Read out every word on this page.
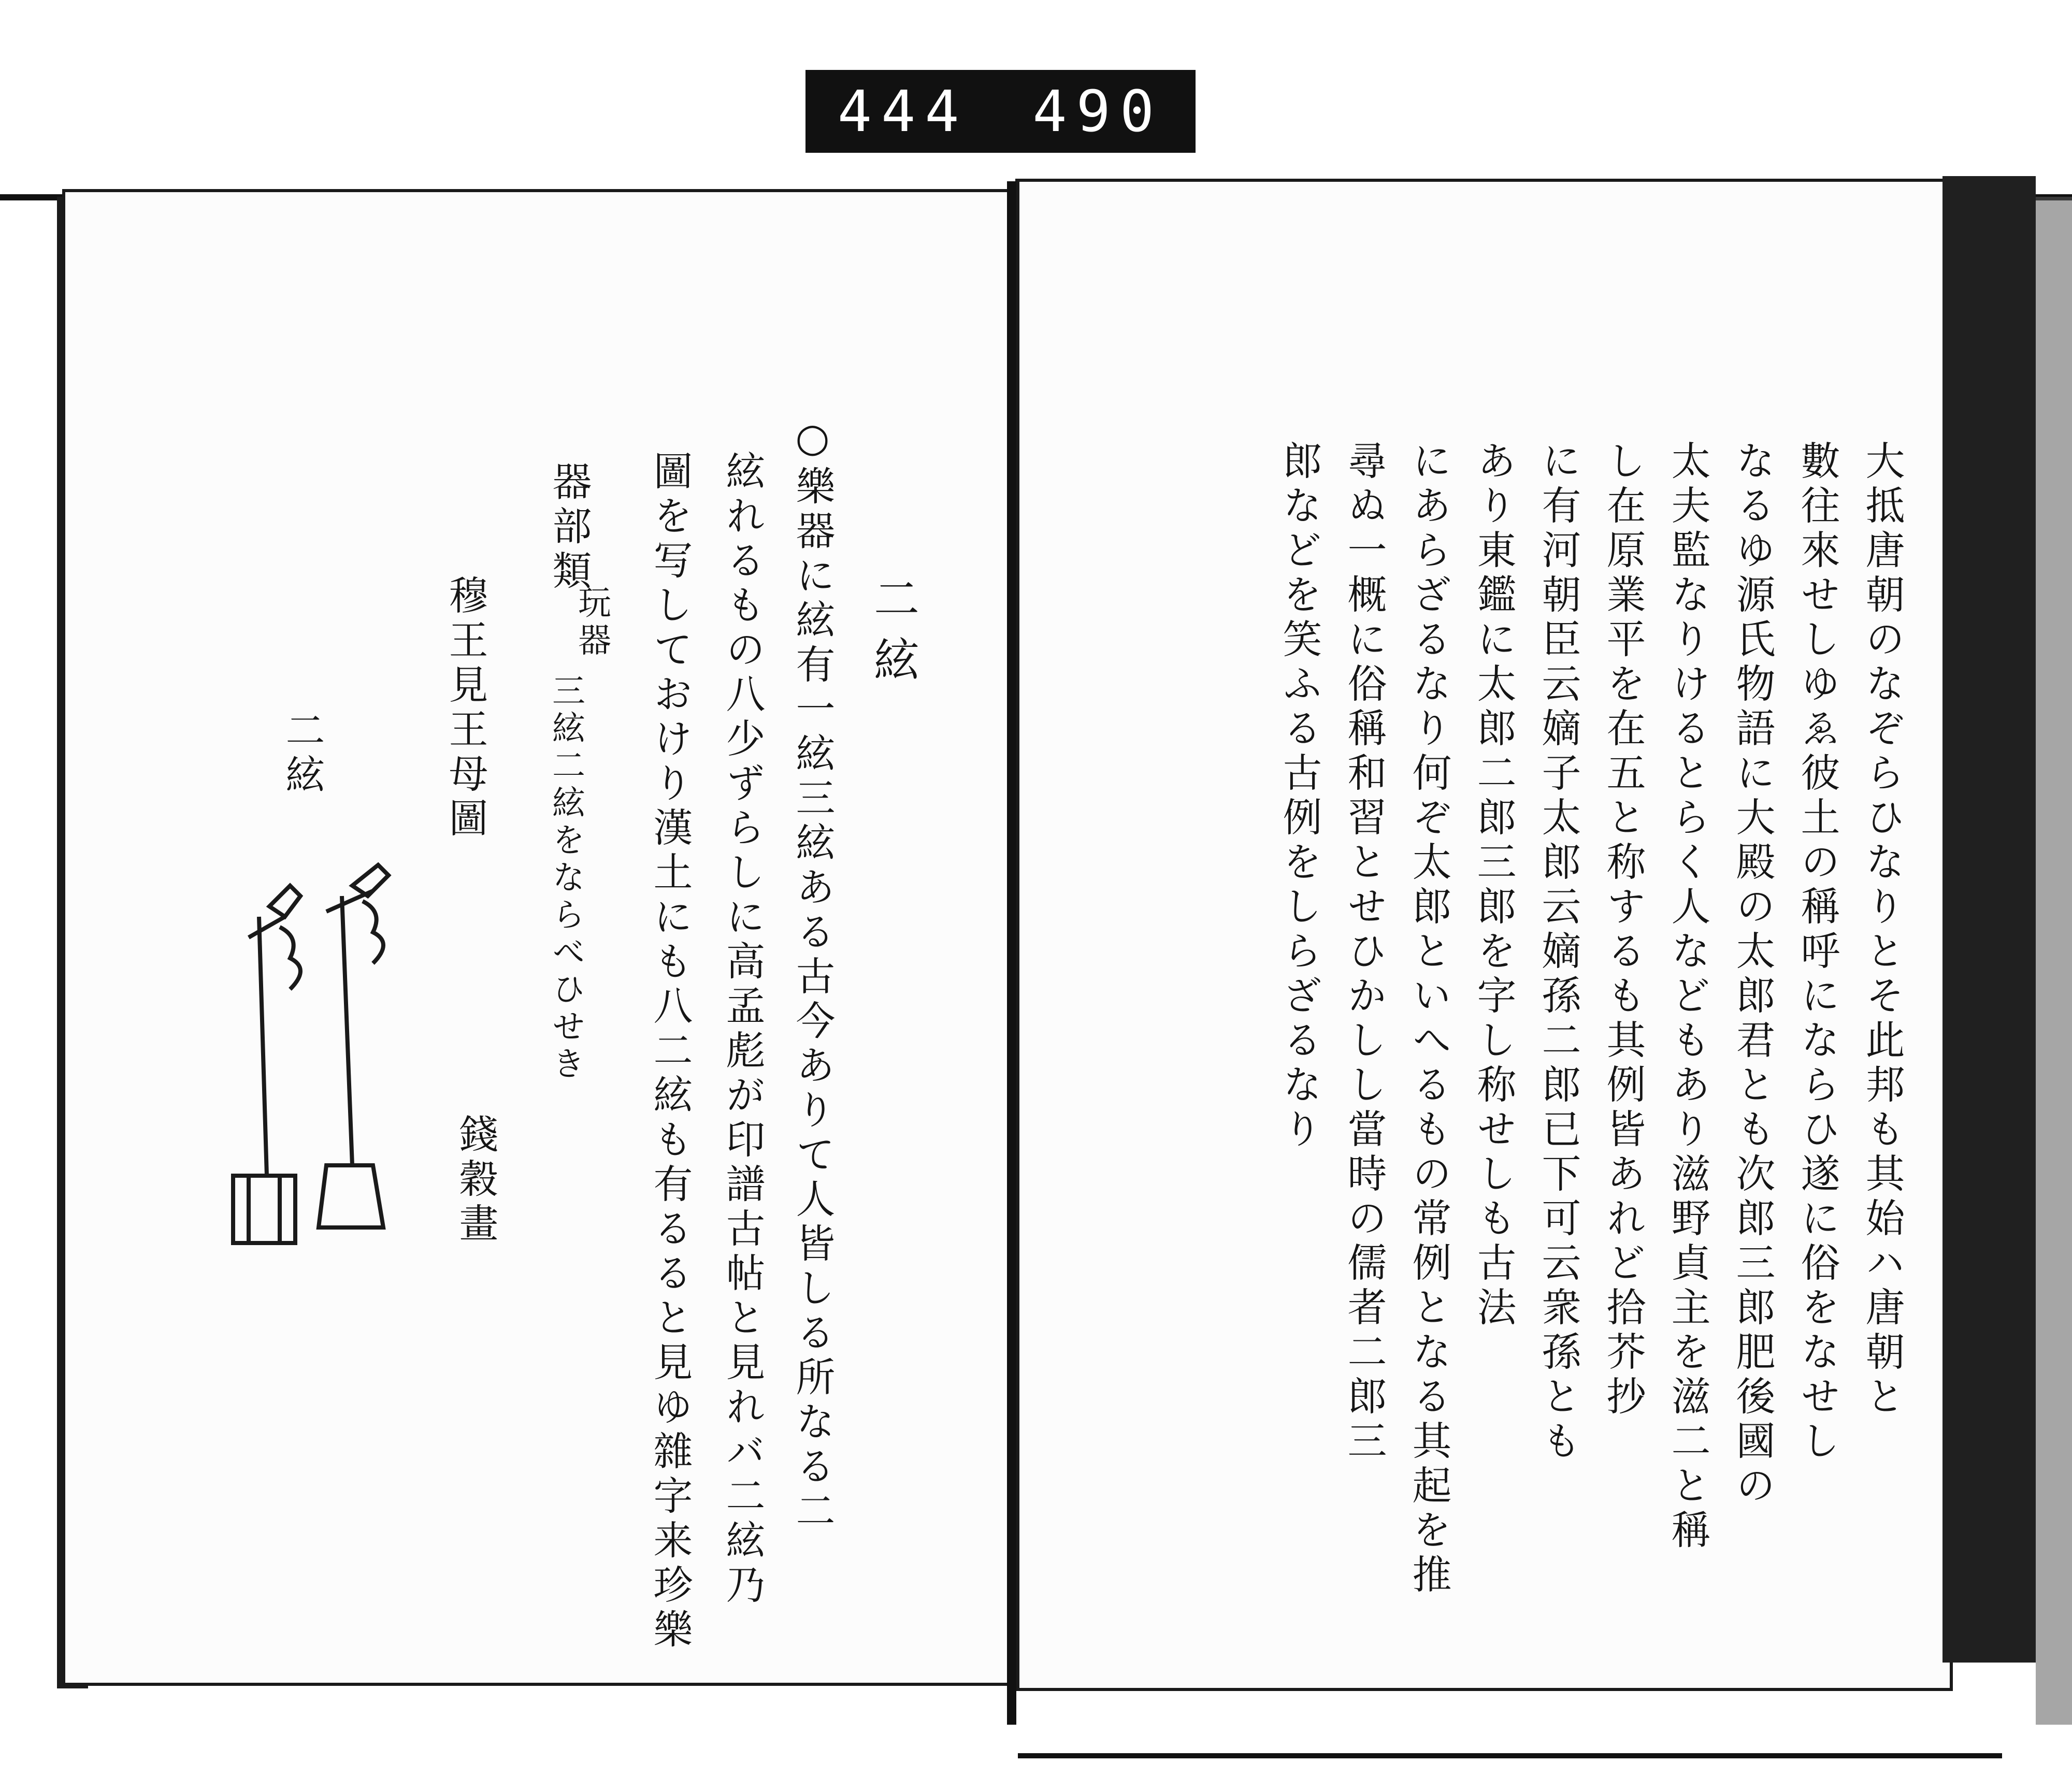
444 490
大抵唐朝のなぞらひなりとそ此邦も其始ハ唐朝と
數往來せしゆゑ彼土の稱呼にならひ遂に俗をなせし
なるゆ源氏物語に大殿の太郎君とも次郎三郎肥後國の
太夫監なりけるとらく人などもあり滋野貞主を滋二と稱
し在原業平を在五と称するも其例皆あれど拾芥抄
に有河朝臣云嫡子太郎云嫡孫二郎已下可云衆孫とも
あり東鑑に太郎二郎三郎を字し称せしも古法
にあらざるなり何ぞ太郎といへるもの常例となる其起を推
尋ぬ一概に俗稱和習とせひかしし當時の儒者二郎三
郎などを笑ふる古例をしらざるなり
二絃
○樂器に絃有一絃三絃ある古今ありて人皆しる所なる二
絃れるもの八少ずらしに高孟彪が印譜古帖と見れバ二絃乃
圖を写しておけり漢土にも八二絃も有るると見ゆ雜字来珍樂
器部類
玩器
三絃二絃をならべひせき
穆王見王母圖
錢穀畫
二絃
